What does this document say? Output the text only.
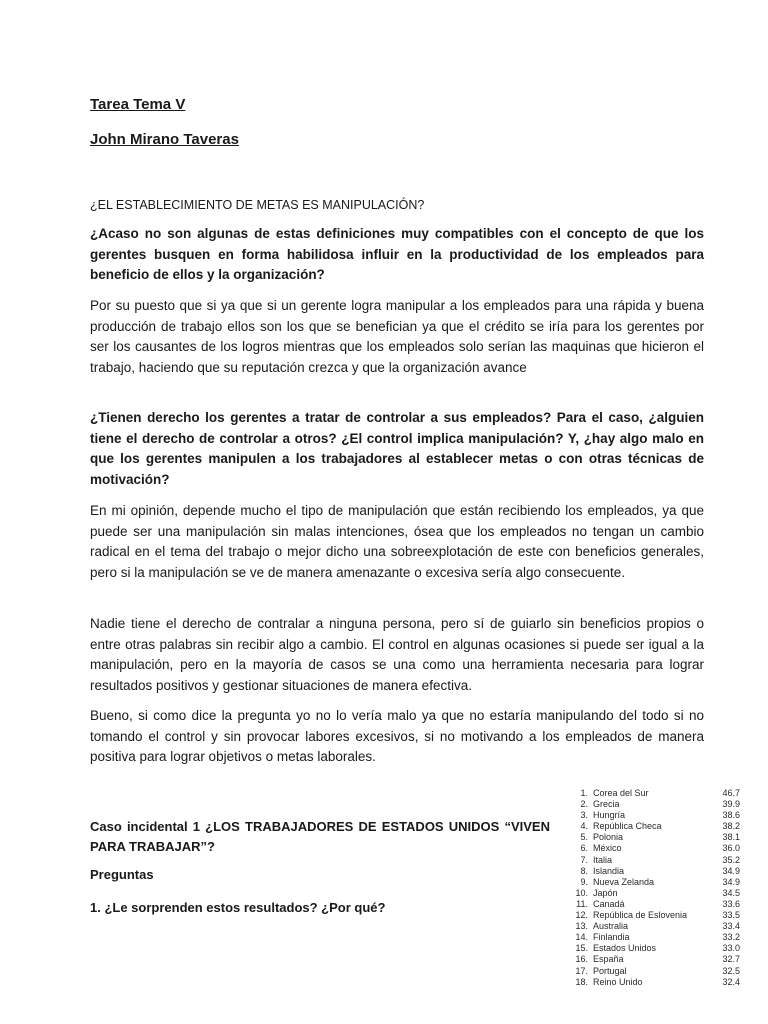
Tarea Tema V
John Mirano Taveras

¿EL ESTABLECIMIENTO DE METAS ES MANIPULACIÓN?

¿Acaso no son algunas de estas definiciones muy compatibles con el concepto de que los gerentes busquen en forma habilidosa influir en la productividad de los empleados para beneficio de ellos y la organización?

Por su puesto que si ya que si un gerente logra manipular a los empleados para una rápida y buena producción de trabajo ellos son los que se benefician ya que el crédito se iría para los gerentes por ser los causantes de los logros mientras que los empleados solo serían las maquinas que hicieron el trabajo, haciendo que su reputación crezca y que la organización avance

¿Tienen derecho los gerentes a tratar de controlar a sus empleados? Para el caso, ¿alguien tiene el derecho de controlar a otros? ¿El control implica manipulación? Y, ¿hay algo malo en que los gerentes manipulen a los trabajadores al establecer metas o con otras técnicas de motivación?

En mi opinión, depende mucho el tipo de manipulación que están recibiendo los empleados, ya que puede ser una manipulación sin malas intenciones, ósea que los empleados no tengan un cambio radical en el tema del trabajo o mejor dicho una sobreexplotación de este con beneficios generales, pero si la manipulación se ve de manera amenazante o excesiva sería algo consecuente.

Nadie tiene el derecho de contralar a ninguna persona, pero sí de guiarlo sin beneficios propios o entre otras palabras sin recibir algo a cambio. El control en algunas ocasiones si puede ser igual a la manipulación, pero en la mayoría de casos se una como una herramienta necesaria para lograr resultados positivos y gestionar situaciones de manera efectiva.

Bueno, si como dice la pregunta yo no lo vería malo ya que no estaría manipulando del todo si no tomando el control y sin provocar labores excesivos, si no motivando a los empleados de manera positiva para lograr objetivos o metas laborales.

Caso incidental 1 ¿LOS TRABAJADORES DE ESTADOS UNIDOS “VIVEN PARA TRABAJAR”?

Preguntas

1. ¿Le sorprenden estos resultados? ¿Por qué?

1. Corea del Sur	46.7
2. Grecia	39.9
3. Hungría	38.6
4. República Checa	38.2
5. Polonia	38.1
6. México	36.0
7. Italia	35.2
8. Islandia	34.9
9. Nueva Zelanda	34.9
10. Japón	34.5
11. Canadá	33.6
12. República de Eslovenia	33.5
13. Australia	33.4
14. Finlandia	33.2
15. Estados Unidos	33.0
16. España	32.7
17. Portugal	32.5
18. Reino Unido	32.4
